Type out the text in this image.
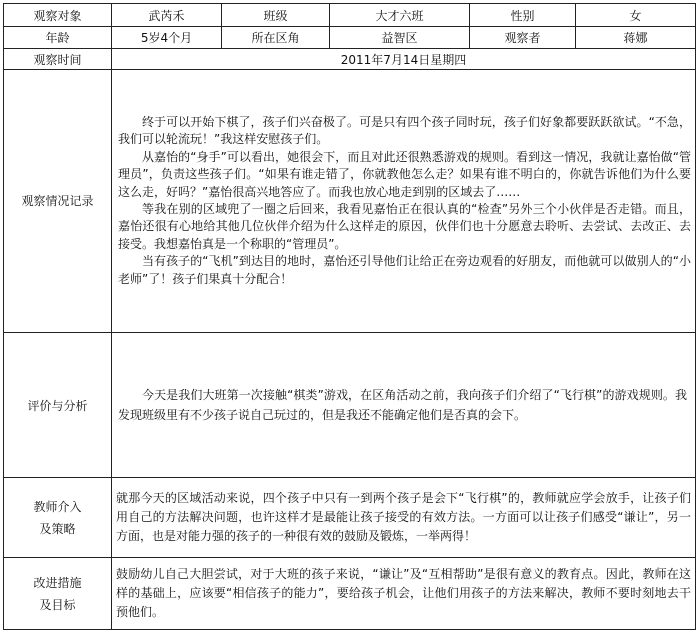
观察对象	武芮禾	班级	大才六班	性别	女
年龄	5岁4个月	所在区角	益智区	观察者	蒋娜
观察时间	2011年7月14日星期四				
观察情况记录	终于可以开始下棋了，孩子们兴奋极了。可是只有四个孩子同时玩，孩子们好象都要跃跃欲试。“不急，我们可以轮流玩！”我这样安慰孩子们。

从嘉怡的“身手”可以看出，她很会下，而且对此还很熟悉游戏的规则。看到这一情况，我就让嘉怡做“管理员”，负责这些孩子们。“如果有谁走错了，你就教他怎么走？如果有谁不明白的，你就告诉他们为什么要这么走，好吗？”嘉怡很高兴地答应了。而我也放心地走到别的区域去了……

等我在别的区域兜了一圈之后回来，我看见嘉怡正在很认真的“检查”另外三个小伙伴是否走错。而且，嘉怡还很有心地给其他几位伙伴介绍为什么这样走的原因，伙伴们也十分愿意去聆听、去尝试、去改正、去接受。我想嘉怡真是一个称职的“管理员”。

当有孩子的“飞机”到达目的地时，嘉怡还引导他们让给正在旁边观看的好朋友，而他就可以做别人的“小老师”了！孩子们果真十分配合！				

评价与分析	今天是我们大班第一次接触“棋类”游戏，在区角活动之前，我向孩子们介绍了“飞行棋”的游戏规则。我发现班级里有不少孩子说自己玩过的，但是我还不能确定他们是否真的会下。				

教师介入
及策略	就那今天的区域活动来说，四个孩子中只有一到两个孩子是会下“飞行棋”的，教师就应学会放手，让孩子们用自己的方法解决问题，也许这样才是最能让孩子接受的有效方法。一方面可以让孩子们感受“谦让”，另一方面，也是对能力强的孩子的一种很有效的鼓励及锻炼，一举两得！				

改进措施
及目标	鼓励幼儿自己大胆尝试，对于大班的孩子来说，“谦让”及“互相帮助”是很有意义的教育点。因此，教师在这样的基础上，应该要“相信孩子的能力”，要给孩子机会，让他们用孩子的方法来解决，教师不要时刻地去干预他们。				
